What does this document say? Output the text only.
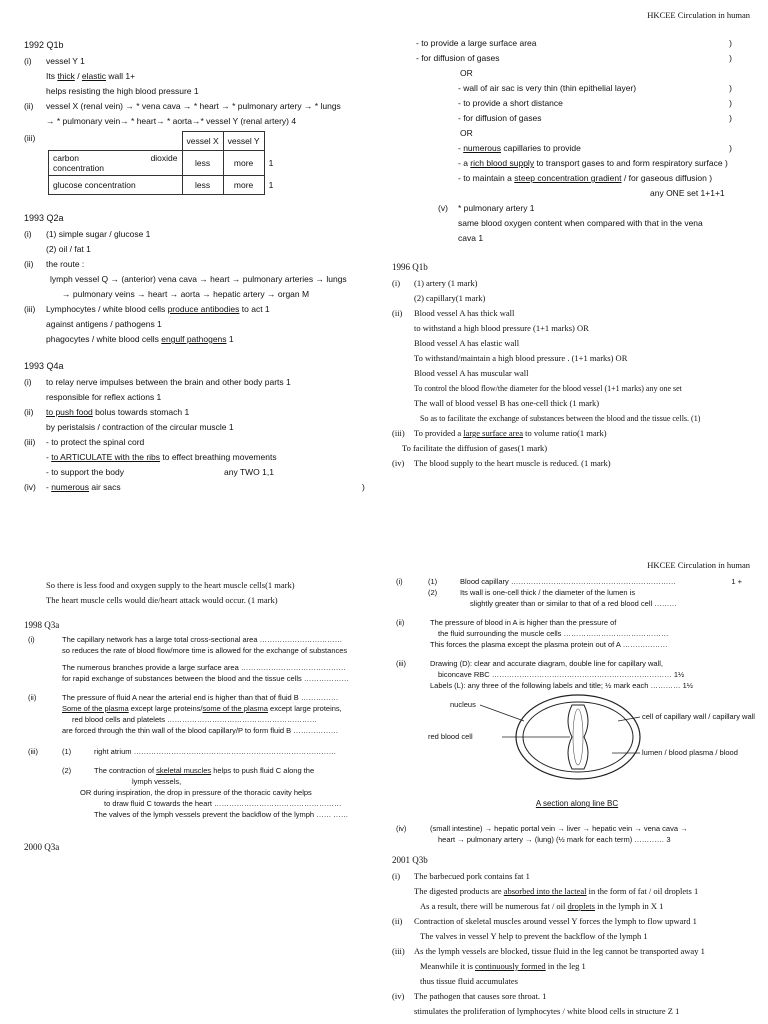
HKCEE Circulation in human
1992 Q1b
(i) vessel Y 1
Its thick / elastic wall 1+
helps resisting the high blood pressure 1
(ii) vessel X (renal vein) → * vena cava → * heart → * pulmonary artery → * lungs
→ * pulmonary vein→ * heart→ * aorta→* vessel Y (renal artery) 4
(iii)
		vessel X	vessel Y	
carbon dioxide

concentration	less	more	1
glucose concentration	less	more	1
1993 Q2a
(i) (1) simple sugar / glucose 1
(2) oil / fat 1
(ii) the route :
lymph vessel Q → (anterior) vena cava → heart → pulmonary arteries → lungs
→ pulmonary veins → heart → aorta → hepatic artery → organ M
(iii) Lymphocytes / white blood cells produce antibodies to act 1
against antigens / pathogens 1
phagocytes / white blood cells engulf pathogens 1
1993 Q4a
(i) to relay nerve impulses between the brain and other body parts 1
responsible for reflex actions 1
(ii) to push food bolus towards stomach 1
by peristalsis / contraction of the circular muscle 1
(iii) - to protect the spinal cord
- to ARTICULATE with the ribs to effect breathing movements
- to support the body	any TWO 1,1
(iv) - numerous air sacs	)
- to provide a large surface area	)
- for diffusion of gases	)
OR
- wall of air sac is very thin (thin epithelial layer)	)
- to provide a short distance	)
- for diffusion of gases	)
OR
- numerous capillaries to provide	)
- a rich blood supply to transport gases to and form respiratory surface )
- to maintain a steep concentration gradient / for gaseous diffusion )
any ONE set 1+1+1
(v) * pulmonary artery 1
same blood oxygen content when compared with that in the vena
cava 1
1996 Q1b
(i) (1) artery (1 mark)
(2) capillary(1 mark)
(ii) Blood vessel A has thick wall
to withstand a high blood pressure (1+1 marks) OR
Blood vessel A has elastic wall
To withstand/maintain a high blood pressure . (1+1 marks) OR
Blood vessel A has muscular wall
To control the blood flow/the diameter for the blood vessel (1+1 marks) any one set
The wall of blood vessel B has one-cell thick (1 mark)
So as to facilitate the exchange of substances between the blood and the tissue cells. (1)
(iii) To provided a large surface area to volume ratio(1 mark)
To facilitate the diffusion of gases(1 mark)
(iv) The blood supply to the heart muscle is reduced. (1 mark)
HKCEE Circulation in human
So there is less food and oxygen supply to the heart muscle cells(1 mark)
The heart muscle cells would die/heart attack would occur. (1 mark)
1998 Q3a
(i)	The capillary network has a large total cross-sectional area ……………………………
so reduces the rate of blood flow/more time is allowed for the exchange of substances
The numerous branches provide a large surface area ……………………………………
for rapid exchange of substances between the blood and the tissue cells ………………
(ii)	The pressure of fluid A near the arterial end is higher than that of fluid B ……………
Some of the plasma except large proteins/some of the plasma except large proteins,
red blood cells and platelets ……………………………………………………
are forced through the thin wall of the blood capillary/P to form fluid B ………………
(iii)	(1)	right atrium ………………………………………………………………………
(2)	The contraction of skeletal muscles helps to push fluid C along the
lymph vessels,
OR during inspiration, the drop in pressure of the thoracic cavity helps
to draw fluid C towards the heart ……………………………………………
The valves of the lymph vessels prevent the backflow of the lymph …… ……
2000 Q3a
(i)	(1)	Blood capillary …………………………………………………………	1 +
(2)	Its wall is one-cell thick / the diameter of the lumen is
slightly greater than or similar to that of a red blood cell ………
(ii)	The pressure of blood in A is higher than the pressure of
the fluid surrounding the muscle cells ……………………………………
This forces the plasma except the plasma protein out of A ………………
(iii)	Drawing (D): clear and accurate diagram, double line for capillary wall,
biconcave RBC ……………………………………………………………… 1½
Labels (L): any three of the following labels and title; ½ mark each ………… 1½
nucleus
cell of capillary wall / capillary wall
red blood cell
lumen / blood plasma / blood
A section along line BC
(iv)	(small intestine) → hepatic portal vein → liver → hepatic vein → vena cava →
heart → pulmonary artery → (lung) (½ mark for each term) ………… 3
2001 Q3b
(i) The barbecued pork contains fat 1
The digested products are absorbed into the lacteal in the form of fat / oil droplets 1
As a result, there will be numerous fat / oil droplets in the lymph in X 1
(ii) Contraction of skeletal muscles around vessel Y forces the lymph to flow upward 1
The valves in vessel Y help to prevent the backflow of the lymph 1
(iii) As the lymph vessels are blocked, tissue fluid in the leg cannot be transported away 1
Meanwhile it is continuously formed in the leg 1
thus tissue fluid accumulates
(iv) The pathogen that causes sore throat. 1
stimulates the proliferation of lymphocytes / white blood cells in structure Z 1
